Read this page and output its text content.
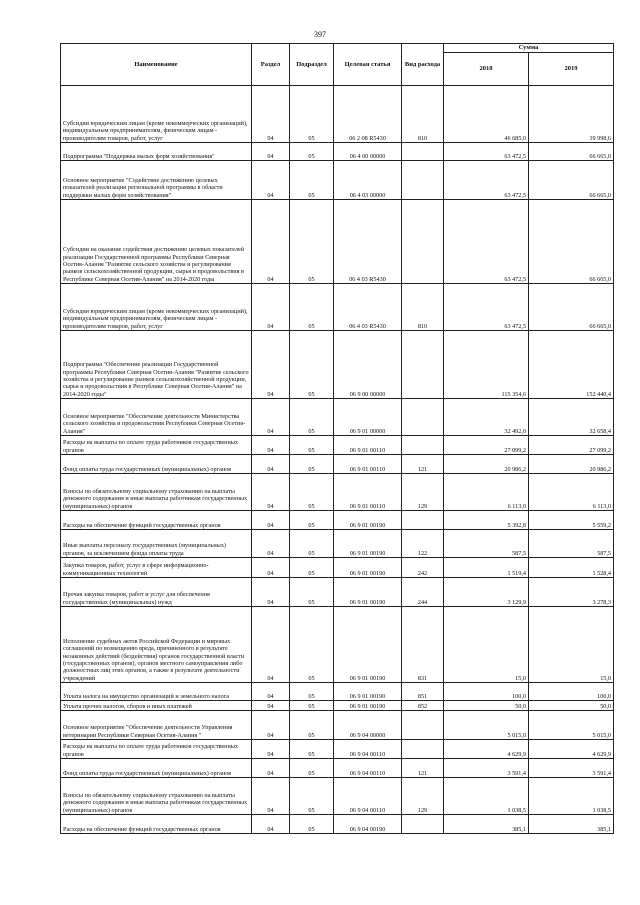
397
Наименование	Раздел	Подраздел	Целевая статья	Вид расхода	Сумма	
					2018	2019
Субсидии юридическим лицам (кроме некоммерческих организаций), индивидуальным предпринимателям, физическим лицам - производителям товаров, работ, услуг	04	05	06 2 08 R5430	810	46 685,0	39 998,6
Подпрограмма "Поддержка малых форм хозяйствования"	04	05	06 4 00 00000		63 472,5	66 665,0
Основное мероприятие "Содействие достижению целевых показателей реализации региональной программы в области поддержки малых форм хозяйствования"	04	05	06 4 03 00000		63 472,5	66 665,0
Субсидии на оказание содействия достижению целевых показателей реализации Государственной программы Республики Северная Осетия-Алания "Развитие сельского хозяйства и регулирования рынков сельскохозяйственной продукции, сырья и продовольствия в Республике Северная Осетия-Алания" на 2014-2020 годы	04	05	06 4 03 R5430		63 472,5	66 665,0
Субсидии юридическим лицам (кроме некоммерческих организаций), индивидуальным предпринимателям, физическим лицам - производителям товаров, работ, услуг	04	05	06 4 03 R5430	810	63 472,5	66 665,0
Подпрограмма "Обеспечение реализации Государственной программы Республики Северная Осетия-Алания "Развитие сельского хозяйства и регулирование рынков сельскохозяйственной продукции, сырья и продовольствия в Республике Северная Осетия-Алания" на 2014-2020 годы"	04	05	06 9 00 00000		115 354,6	152 440,4
Основное мероприятие "Обеспечение деятельности Министерства сельского хозяйства и продовольствия Республики Северная Осетия-Алания"	04	05	06 9 01 00000		32 492,0	32 658,4
Расходы на выплаты по оплате труда работников государственных органов	04	05	06 9 01 00110		27 099,2	27 099,2
Фонд оплаты труда государственных (муниципальных) органов	04	05	06 9 01 00110	121	20 986,2	20 986,2
Взносы по обязательному социальному страхованию на выплаты денежного содержания и иные выплаты работникам государственных (муниципальных) органов	04	05	06 9 01 00110	129	6 113,0	6 113,0
Расходы на обеспечение функций государственных органов	04	05	06 9 01 00190		5 392,8	5 559,2
Иные выплаты персоналу государственных (муниципальных) органов, за исключением фонда оплаты труда	04	05	06 9 01 00190	122	587,5	587,5
Закупка товаров, работ, услуг в сфере информационно-коммуникационных технологий	04	05	06 9 01 00190	242	1 519,4	1 528,4
Прочая закупка товаров, работ и услуг для обеспечения государственных (муниципальных) нужд	04	05	06 9 01 00190	244	3 129,9	3 278,3
Исполнение судебных актов Российской Федерации и мировых соглашений по возмещению вреда, причиненного в результате незаконных действий (бездействия) органов государственной власти (государственных органов), органов местного самоуправления либо должностных лиц этих органов, а также в результате деятельности учреждений	04	05	06 9 01 00190	831	15,0	15,0
Уплата налога на имущество организаций и земельного налога	04	05	06 9 01 00190	851	100,0	100,0
Уплата прочих налогов, сборов и иных платежей	04	05	06 9 01 00190	852	50,0	50,0
Основное мероприятие "Обеспечение деятельности Управления ветеринарии Республики Северная Осетия-Алания "	04	05	06 9 04 00000		5 015,0	5 015,0
Расходы на выплаты по оплате труда работников государственных органов	04	05	06 9 04 00110		4 629,9	4 629,9
Фонд оплаты труда государственных (муниципальных) органов	04	05	06 9 04 00110	121	3 591,4	3 591,4
Взносы по обязательному социальному страхованию на выплаты денежного содержания и иные выплаты работникам государственных (муниципальных) органов	04	05	06 9 04 00110	129	1 038,5	1 038,5
Расходы на обеспечение функций государственных органов	04	05	06 9 04 00190		385,1	385,1
